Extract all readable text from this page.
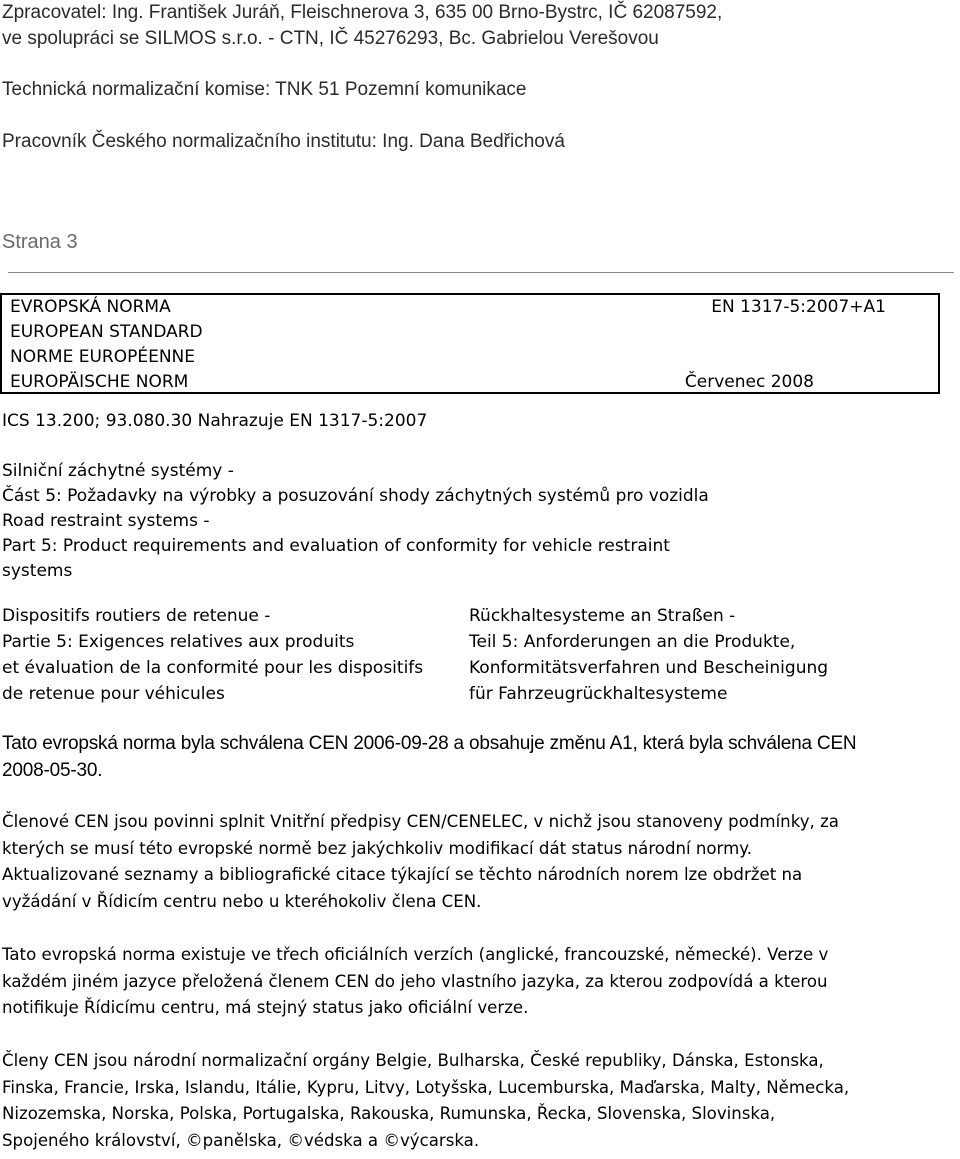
Zpracovatel: Ing. František Juráň, Fleischnerova 3, 635 00 Brno-Bystrc, IČ 62087592,
ve spolupráci se SILMOS s.r.o. - CTN, IČ 45276293, Bc. Gabrielou Verešovou
Technická normalizační komise: TNK 51 Pozemní komunikace
Pracovník Českého normalizačního institutu: Ing. Dana Bedřichová
Strana 3
EVROPSKÁ NORMA
EUROPEAN STANDARD
NORME EUROPÉENNE
EUROPÄISCHE NORM
EN 1317-5:2007+A1
Červenec 2008
ICS 13.200; 93.080.30 Nahrazuje EN 1317-5:2007
Silniční záchytné systémy -
Část 5: Požadavky na výrobky a posuzování shody záchytných systémů pro vozidla
Road restraint systems -
Part 5: Product requirements and evaluation of conformity for vehicle restraint
systems
Dispositifs routiers de retenue -
Partie 5: Exigences relatives aux produits
et évaluation de la conformité pour les dispositifs
de retenue pour véhicules
Rückhaltesysteme an Straßen -
Teil 5: Anforderungen an die Produkte,
Konformitätsverfahren und Bescheinigung
für Fahrzeugrückhaltesysteme
Tato evropská norma byla schválena CEN 2006-09-28 a obsahuje změnu A1, která byla schválena CEN
2008-05-30.
Členové CEN jsou povinni splnit Vnitřní předpisy CEN/CENELEC, v nichž jsou stanoveny podmínky, za
kterých se musí této evropské normě bez jakýchkoliv modifikací dát status národní normy.
Aktualizované seznamy a bibliografické citace týkající se těchto národních norem lze obdržet na
vyžádání v Řídicím centru nebo u kteréhokoliv člena CEN.
Tato evropská norma existuje ve třech oficiálních verzích (anglické, francouzské, německé). Verze v
každém jiném jazyce přeložená členem CEN do jeho vlastního jazyka, za kterou zodpovídá a kterou
notifikuje Řídicímu centru, má stejný status jako oficiální verze.
Členy CEN jsou národní normalizační orgány Belgie, Bulharska, České republiky, Dánska, Estonska,
Finska, Francie, Irska, Islandu, Itálie, Kypru, Litvy, Lotyšska, Lucemburska, Maďarska, Malty, Německa,
Nizozemska, Norska, Polska, Portugalska, Rakouska, Rumunska, Řecka, Slovenska, Slovinska,
Spojeného království, ©panělska, ©védska a ©výcarska.
